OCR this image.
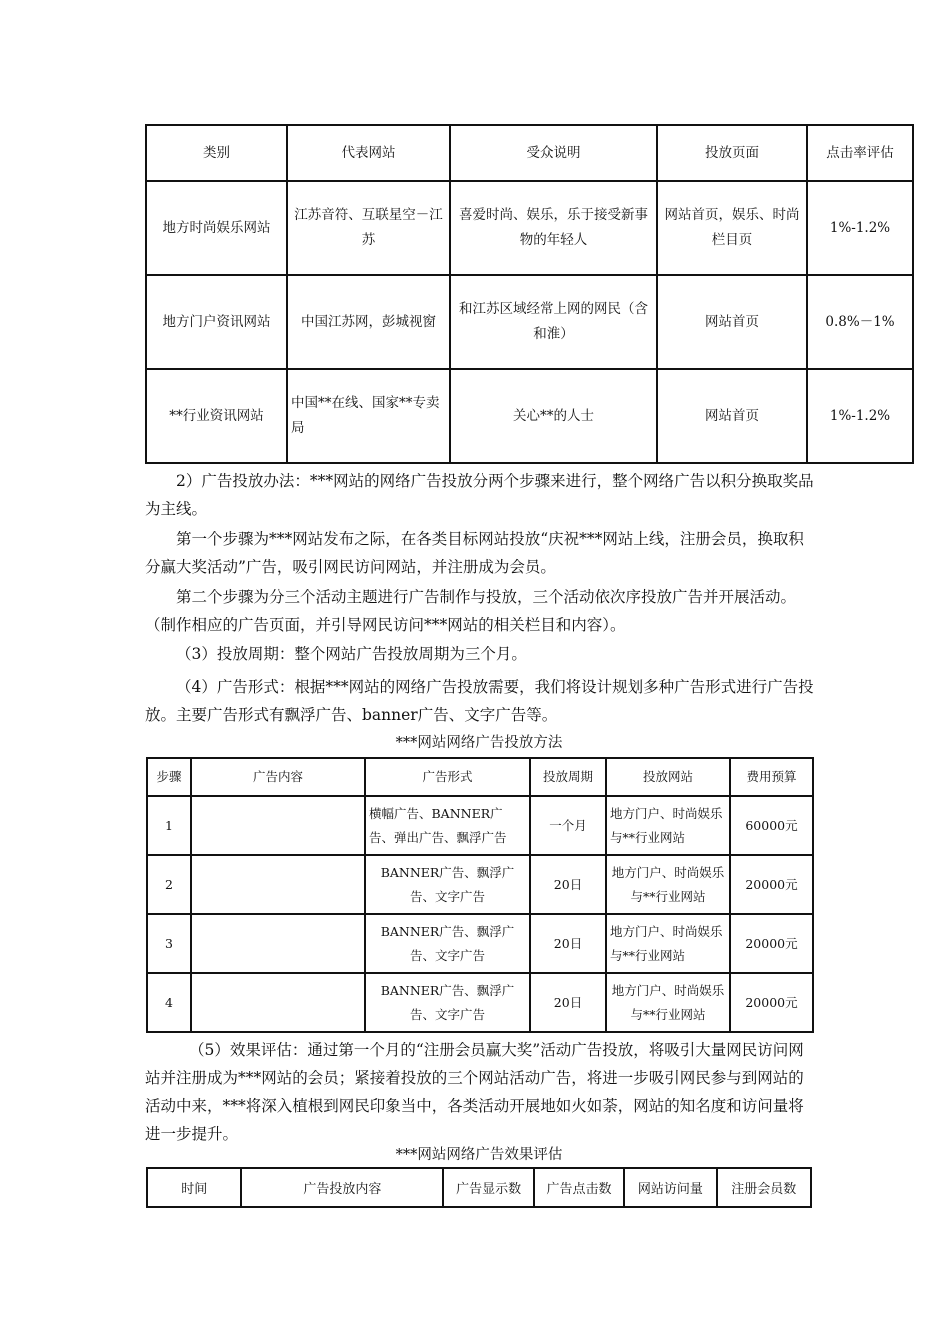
类别	代表网站	受众说明	投放页面	点击率评估
地方时尚娱乐网站	江苏音符、互联星空－江苏	喜爱时尚、娱乐，乐于接受新事物的年轻人	网站首页，娱乐、时尚栏目页	1%-1.2%
地方门户资讯网站	中国江苏网，彭城视窗	和江苏区域经常上网的网民（含和淮）	网站首页	0.8%－1%
**行业资讯网站	中国**在线、国家**专卖局	关心**的人士	网站首页	1%-1.2%

2）广告投放办法：***网站的网络广告投放分两个步骤来进行，整个网络广告以积分换取奖品为主线。

第一个步骤为***网站发布之际，在各类目标网站投放“庆祝***网站上线，注册会员，换取积分赢大奖活动”广告，吸引网民访问网站，并注册成为会员。

第二个步骤为分三个活动主题进行广告制作与投放，三个活动依次序投放广告并开展活动。（制作相应的广告页面，并引导网民访问***网站的相关栏目和内容）。

（3）投放周期：整个网站广告投放周期为三个月。

（4）广告形式：根据***网站的网络广告投放需要，我们将设计规划多种广告形式进行广告投放。主要广告形式有飘浮广告、banner广告、文字广告等。

***网站网络广告投放方法
步骤	广告内容	广告形式	投放周期	投放网站	费用预算
1		横幅广告、BANNER广告、弹出广告、飘浮广告	一个月	地方门户、时尚娱乐与**行业网站	60000元
2		BANNER广告、飘浮广告、文字广告	20日	地方门户、时尚娱乐与**行业网站	20000元
3		BANNER广告、飘浮广告、文字广告	20日	地方门户、时尚娱乐与**行业网站	20000元
4		BANNER广告、飘浮广告、文字广告	20日	地方门户、时尚娱乐与**行业网站	20000元

（5）效果评估：通过第一个月的“注册会员赢大奖”活动广告投放，将吸引大量网民访问网站并注册成为***网站的会员；紧接着投放的三个网站活动广告，将进一步吸引网民参与到网站的活动中来，***将深入植根到网民印象当中，各类活动开展地如火如荼，网站的知名度和访问量将进一步提升。

***网站网络广告效果评估
时间	广告投放内容	广告显示数	广告点击数	网站访问量	注册会员数
